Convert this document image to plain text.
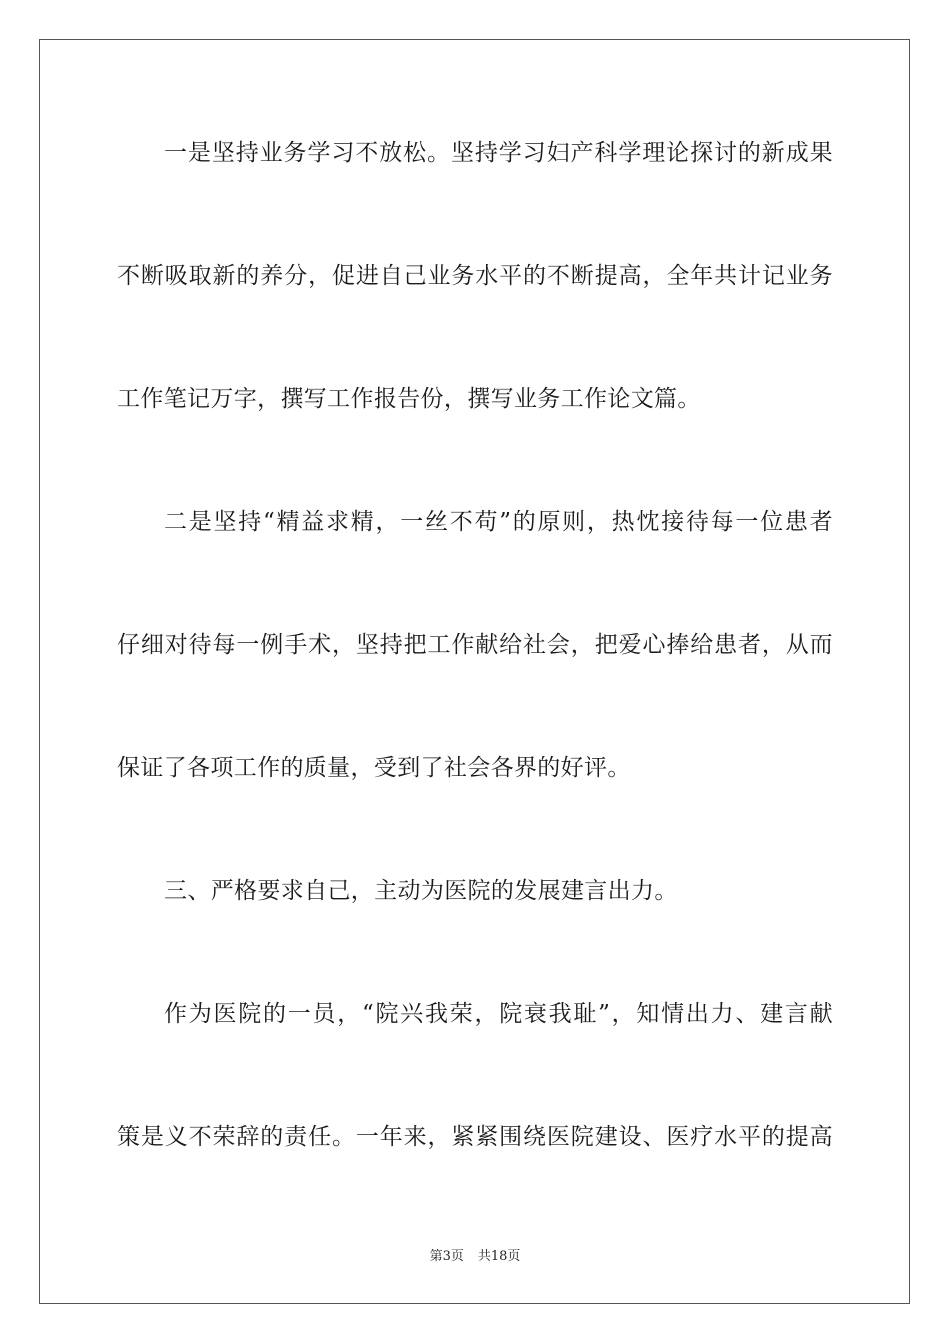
一是坚持业务学习不放松。坚持学习妇产科学理论探讨的新成果
不断吸取新的养分，促进自己业务水平的不断提高，全年共计记业务
工作笔记万字，撰写工作报告份，撰写业务工作论文篇。
二是坚持“精益求精，一丝不苟”的原则，热忱接待每一位患者
仔细对待每一例手术，坚持把工作献给社会，把爱心捧给患者，从而
保证了各项工作的质量，受到了社会各界的好评。
三、严格要求自己，主动为医院的发展建言出力。
作为医院的一员，“院兴我荣，院衰我耻”，知情出力、建言献
策是义不荣辞的责任。一年来，紧紧围绕医院建设、医疗水平的提高
第3页 共18页
